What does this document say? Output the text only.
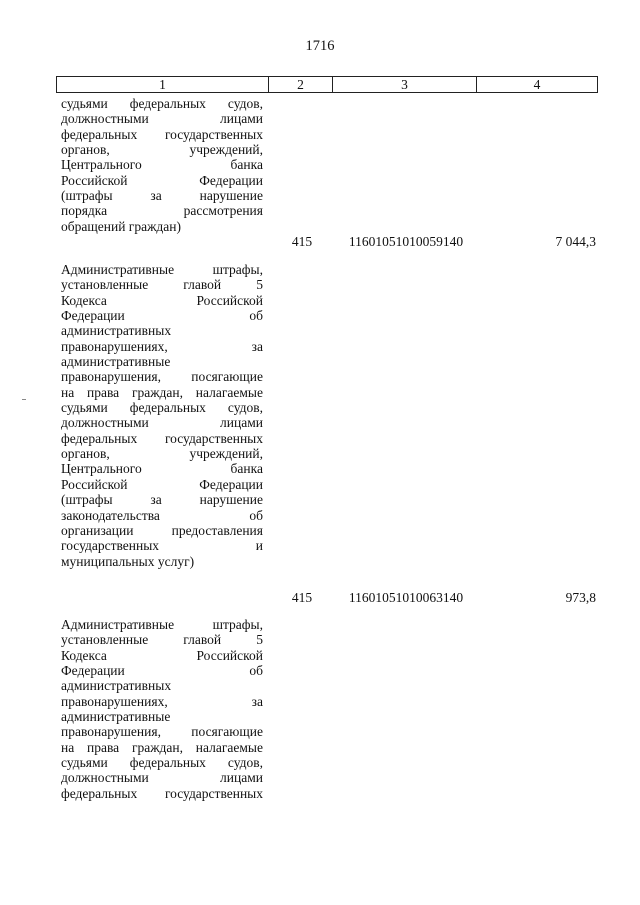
1716
1	2	3	4
судьями федеральных судов,
должностными лицами
федеральных государственных
органов, учреждений,
Центрального банка
Российской Федерации
(штрафы за нарушение
порядка рассмотрения
обращений граждан)
415	11601051010059140	7 044,3
Административные штрафы,
установленные главой 5
Кодекса Российской
Федерации об
административных
правонарушениях, за
административные
правонарушения, посягающие
на права граждан, налагаемые
судьями федеральных судов,
должностными лицами
федеральных государственных
органов, учреждений,
Центрального банка
Российской Федерации
(штрафы за нарушение
законодательства об
организации предоставления
государственных и
муниципальных услуг)
415	11601051010063140	973,8
Административные штрафы,
установленные главой 5
Кодекса Российской
Федерации об
административных
правонарушениях, за
административные
правонарушения, посягающие
на права граждан, налагаемые
судьями федеральных судов,
должностными лицами
федеральных государственных
